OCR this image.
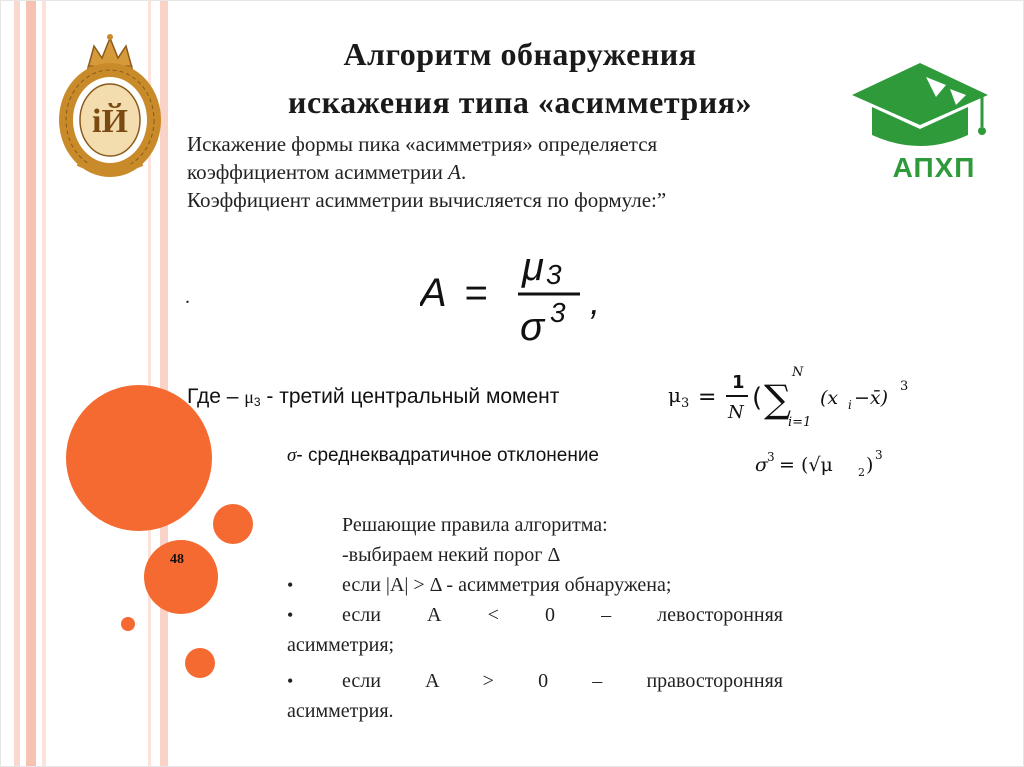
48
iЙ
АПХП
Алгоритм обнаружения
искажения типа «асимметрия»
Искажение формы пика «асимметрия» определяется
коэффициентом асимметрии A.
Коэффициент асимметрии вычисляется по формуле:”
.	A =
μ 3
σ 3 ,
Где – $\mu_3$ - третий центральный момент	μ 3 =
1
N ( ∑
N
i=1
(x i −x̄)
3
σ- среднеквадратичное отклонение	σ 3 = (√μ 2 ) 3
Решающие правила алгоритма:
-выбираем некий порог Δ
• если |A| > Δ - асимметрия обнаружена;
• если А < 0 – левосторонняя
асимметрия;
• если A > 0 – правосторонняя
асимметрия.
